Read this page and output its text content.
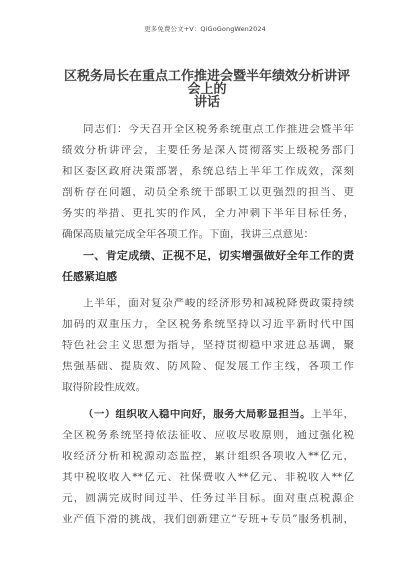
更多免费公文+V：QiGoGongWen2024
区税务局长在重点工作推进会暨半年绩效分析讲评会上的
讲话
同志们：今天召开全区税务系统重点工作推进会暨半年
绩效分析讲评会，主要任务是深入贯彻落实上级税务部门
和区委区政府决策部署，系统总结上半年工作成效，深刻
剖析存在问题，动员全系统干部职工以更强烈的担当、更
务实的举措、更扎实的作风，全力冲刺下半年目标任务，
确保高质量完成全年各项工作。下面，我讲三点意见：
一、肯定成绩、正视不足，切实增强做好全年工作的责
任感紧迫感
上半年，面对复杂严峻的经济形势和减税降费政策持续
加码的双重压力，全区税务系统坚持以习近平新时代中国
特色社会主义思想为指导，坚持贯彻稳中求进总基调，聚
焦强基础、提质效、防风险、促发展工作主线，各项工作
取得阶段性成效。
（一）组织收入稳中向好，服务大局彰显担当。上半年，
全区税务系统坚持依法征收、应收尽收原则，通过强化税
收经济分析和税源动态监控，累计组织各项收入**亿元，
其中税收收入**亿元、社保费收入**亿元、非税收入**亿
元，圆满完成时间过半、任务过半目标。面对重点税源企
业产值下滑的挑战，我们创新建立“专班+专员”服务机制，
